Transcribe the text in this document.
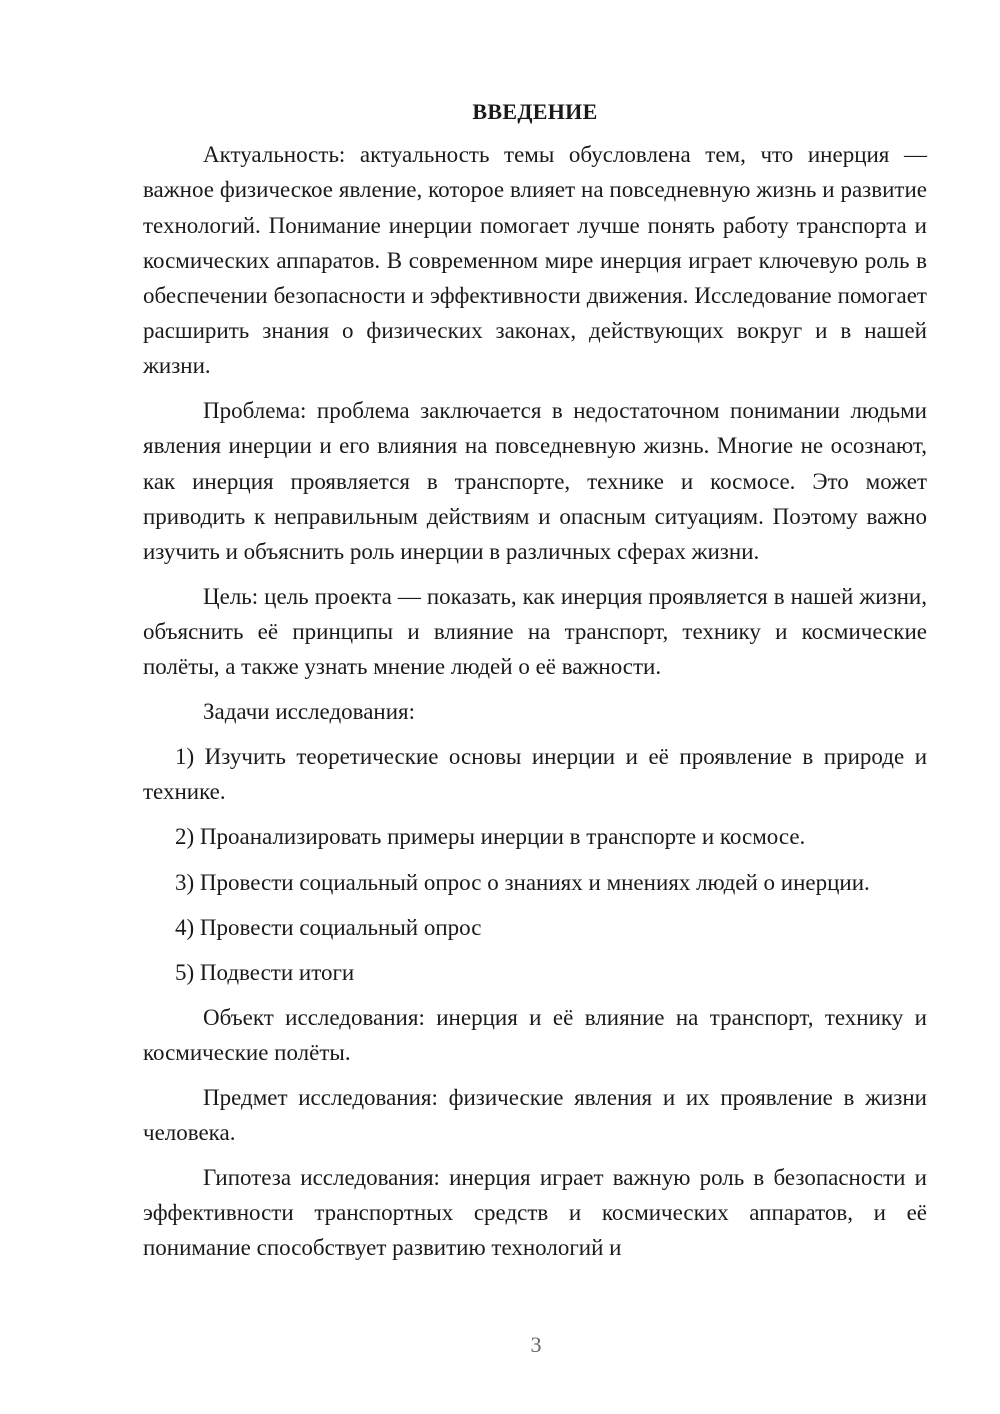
ВВЕДЕНИЕ

Актуальность: актуальность темы обусловлена тем, что инерция — важное физическое явление, которое влияет на повседневную жизнь и развитие технологий. Понимание инерции помогает лучше понять работу транспорта и космических аппаратов. В современном мире инерция играет ключевую роль в обеспечении безопасности и эффективности движения. Исследование помогает расширить знания о физических законах, действующих вокруг и в нашей жизни.

Проблема: проблема заключается в недостаточном понимании людьми явления инерции и его влияния на повседневную жизнь. Многие не осознают, как инерция проявляется в транспорте, технике и космосе. Это может приводить к неправильным действиям и опасным ситуациям. Поэтому важно изучить и объяснить роль инерции в различных сферах жизни.

Цель: цель проекта — показать, как инерция проявляется в нашей жизни, объяснить её принципы и влияние на транспорт, технику и космические полёты, а также узнать мнение людей о её важности.

Задачи исследования:

1) Изучить теоретические основы инерции и её проявление в природе и технике.

2) Проанализировать примеры инерции в транспорте и космосе.

3) Провести социальный опрос о знаниях и мнениях людей о инерции.

4) Провести социальный опрос

5) Подвести итоги

Объект исследования: инерция и её влияние на транспорт, технику и космические полёты.

Предмет исследования: физические явления и их проявление в жизни человека.

Гипотеза исследования: инерция играет важную роль в безопасности и эффективности транспортных средств и космических аппаратов, и её понимание способствует развитию технологий и

3
